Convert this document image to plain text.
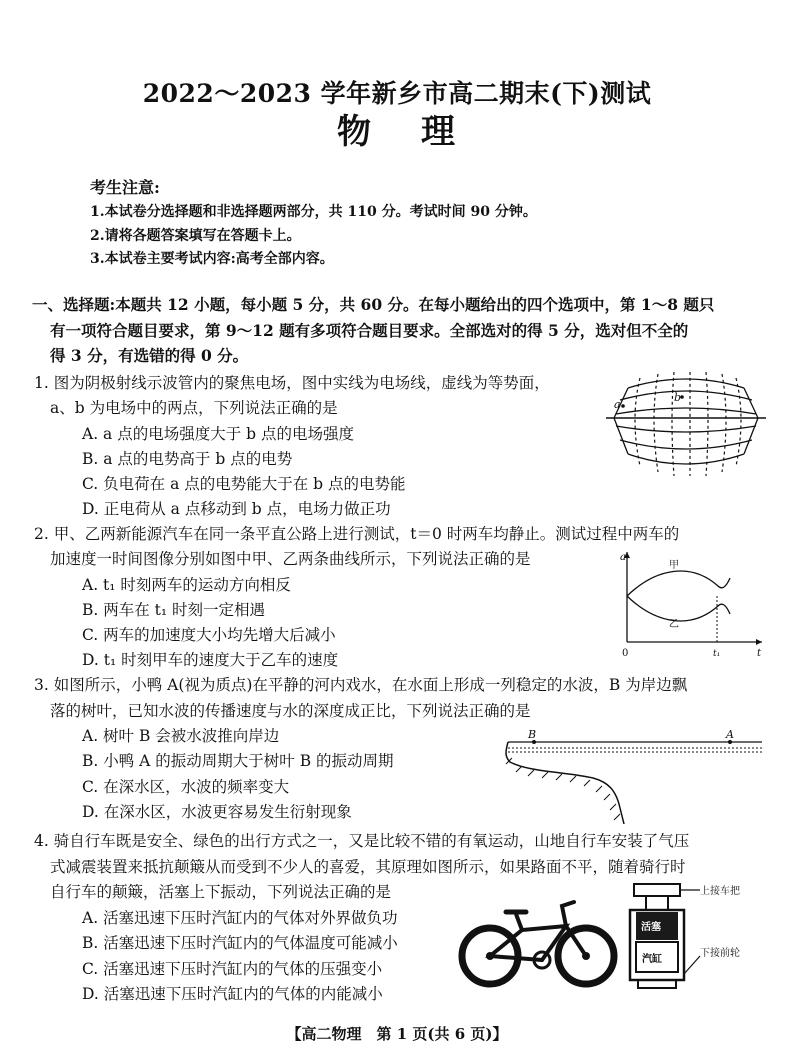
2022～2023 学年新乡市高二期末(下)测试
物 理
考生注意:
1.本试卷分选择题和非选择题两部分，共 110 分。考试时间 90 分钟。
2.请将各题答案填写在答题卡上。
3.本试卷主要考试内容:高考全部内容。
一、选择题:本题共 12 小题，每小题 5 分，共 60 分。在每小题给出的四个选项中，第 1～8 题只
有一项符合题目要求，第 9～12 题有多项符合题目要求。全部选对的得 5 分，选对但不全的
得 3 分，有选错的得 0 分。
1. 图为阴极射线示波管内的聚焦电场，图中实线为电场线，虚线为等势面，
a、b 为电场中的两点，下列说法正确的是
A. a 点的电场强度大于 b 点的电场强度
B. a 点的电势高于 b 点的电势
C. 负电荷在 a 点的电势能大于在 b 点的电势能
D. 正电荷从 a 点移动到 b 点，电场力做正功
a
b
2. 甲、乙两新能源汽车在同一条平直公路上进行测试，t＝0 时两车均静止。测试过程中两车的
加速度一时间图像分别如图中甲、乙两条曲线所示，下列说法正确的是
A. t₁ 时刻两车的运动方向相反
B. 两车在 t₁ 时刻一定相遇
C. 两车的加速度大小均先增大后减小
D. t₁ 时刻甲车的速度大于乙车的速度
a
甲
乙
0	t₁	t
3. 如图所示，小鸭 A(视为质点)在平静的河内戏水，在水面上形成一列稳定的水波，B 为岸边飘
落的树叶，已知水波的传播速度与水的深度成正比，下列说法正确的是
A. 树叶 B 会被水波推向岸边
B. 小鸭 A 的振动周期大于树叶 B 的振动周期
C. 在深水区，水波的频率变大
D. 在深水区，水波更容易发生衍射现象
B	A
4. 骑自行车既是安全、绿色的出行方式之一，又是比较不错的有氧运动，山地自行车安装了气压
式减震装置来抵抗颠簸从而受到不少人的喜爱，其原理如图所示，如果路面不平，随着骑行时
自行车的颠簸，活塞上下振动，下列说法正确的是
A. 活塞迅速下压时汽缸内的气体对外界做负功
B. 活塞迅速下压时汽缸内的气体温度可能减小
C. 活塞迅速下压时汽缸内的气体的压强变小
D. 活塞迅速下压时汽缸内的气体的内能减小
活塞
汽缸
上接车把
下接前轮
【高二物理　第 1 页(共 6 页)】
